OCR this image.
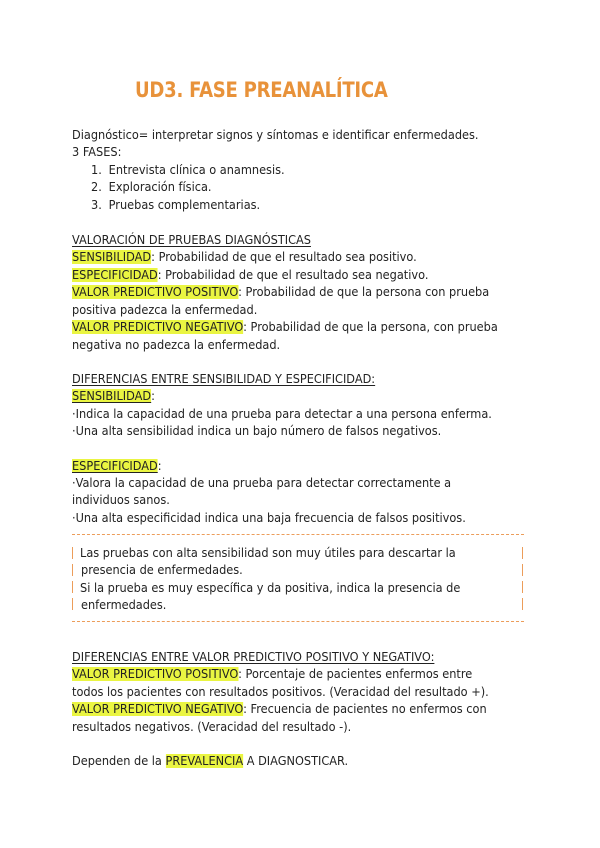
UD3. FASE PREANALÍTICA
Diagnóstico= interpretar signos y síntomas e identificar enfermedades.
3 FASES:
1. Entrevista clínica o anamnesis.
2. Exploración física.
3. Pruebas complementarias.
VALORACIÓN DE PRUEBAS DIAGNÓSTICAS
SENSIBILIDAD: Probabilidad de que el resultado sea positivo.
ESPECIFICIDAD: Probabilidad de que el resultado sea negativo.
VALOR PREDICTIVO POSITIVO: Probabilidad de que la persona con prueba
positiva padezca la enfermedad.
VALOR PREDICTIVO NEGATIVO: Probabilidad de que la persona, con prueba
negativa no padezca la enfermedad.
DIFERENCIAS ENTRE SENSIBILIDAD Y ESPECIFICIDAD:
SENSIBILIDAD:
·Indica la capacidad de una prueba para detectar a una persona enferma.
·Una alta sensibilidad indica un bajo número de falsos negativos.
ESPECIFICIDAD:
·Valora la capacidad de una prueba para detectar correctamente a
individuos sanos.
·Una alta especificidad indica una baja frecuencia de falsos positivos.
Las pruebas con alta sensibilidad son muy útiles para descartar la
presencia de enfermedades.
Si la prueba es muy específica y da positiva, indica la presencia de
enfermedades.
DIFERENCIAS ENTRE VALOR PREDICTIVO POSITIVO Y NEGATIVO:
VALOR PREDICTIVO POSITIVO: Porcentaje de pacientes enfermos entre
todos los pacientes con resultados positivos. (Veracidad del resultado +).
VALOR PREDICTIVO NEGATIVO: Frecuencia de pacientes no enfermos con
resultados negativos. (Veracidad del resultado -).
Dependen de la PREVALENCIA A DIAGNOSTICAR.
